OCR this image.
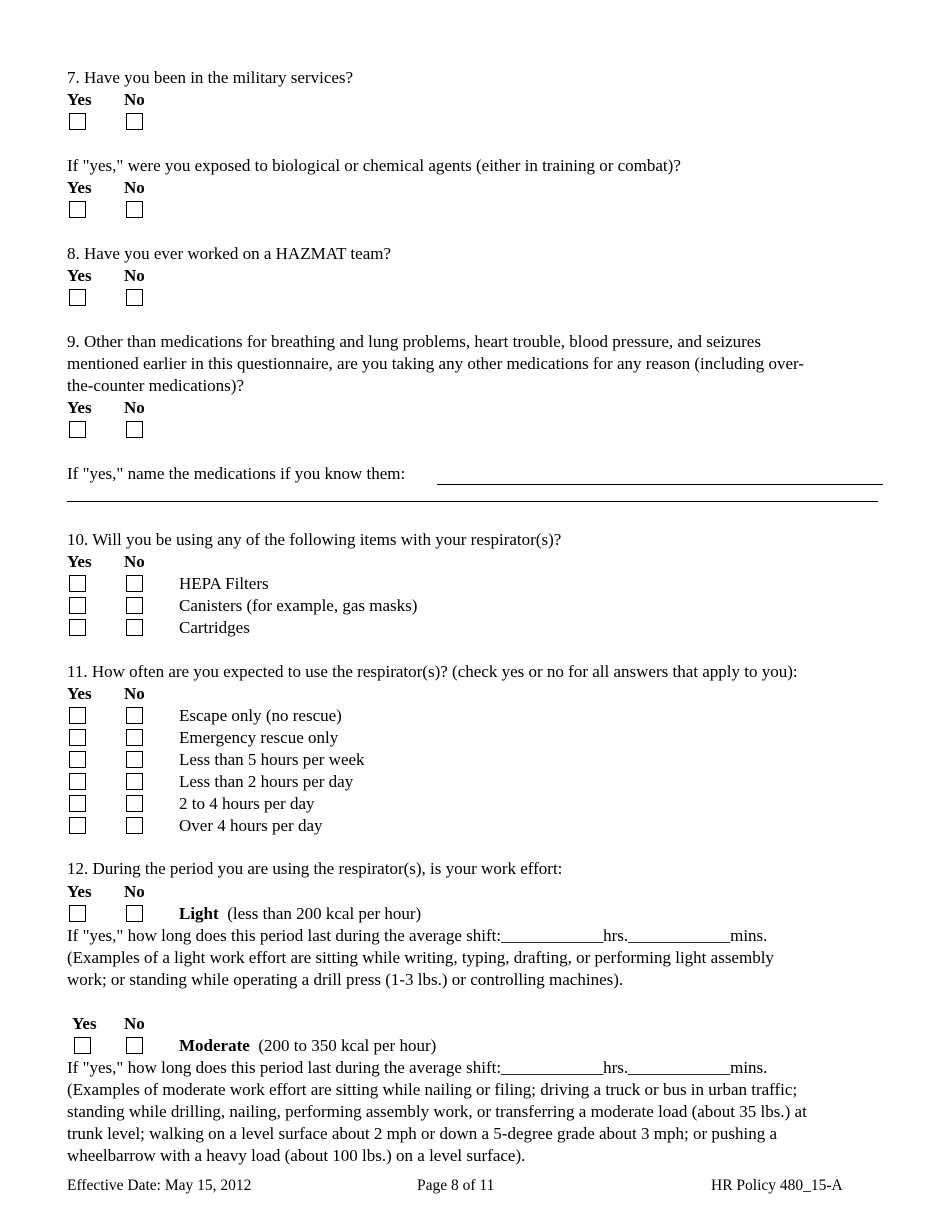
7. Have you been in the military services?
Yes No
If "yes," were you exposed to biological or chemical agents (either in training or combat)?
Yes No
8. Have you ever worked on a HAZMAT team?
Yes No
9. Other than medications for breathing and lung problems, heart trouble, blood pressure, and seizures
mentioned earlier in this questionnaire, are you taking any other medications for any reason (including over-
the-counter medications)?
Yes No
If "yes," name the medications if you know them:
10. Will you be using any of the following items with your respirator(s)?
Yes No
HEPA Filters
Canisters (for example, gas masks)
Cartridges
11. How often are you expected to use the respirator(s)? (check yes or no for all answers that apply to you):
Yes No
Escape only (no rescue)
Emergency rescue only
Less than 5 hours per week
Less than 2 hours per day
2 to 4 hours per day
Over 4 hours per day
12. During the period you are using the respirator(s), is your work effort:
Yes No
Light (less than 200 kcal per hour)
If "yes," how long does this period last during the average shift:____________hrs.____________mins.
(Examples of a light work effort are sitting while writing, typing, drafting, or performing light assembly
work; or standing while operating a drill press (1-3 lbs.) or controlling machines).
Yes No
Moderate (200 to 350 kcal per hour)
If "yes," how long does this period last during the average shift:____________hrs.____________mins.
(Examples of moderate work effort are sitting while nailing or filing; driving a truck or bus in urban traffic;
standing while drilling, nailing, performing assembly work, or transferring a moderate load (about 35 lbs.) at
trunk level; walking on a level surface about 2 mph or down a 5-degree grade about 3 mph; or pushing a
wheelbarrow with a heavy load (about 100 lbs.) on a level surface).
Effective Date: May 15, 2012	Page 8 of 11	HR Policy 480_15-A
